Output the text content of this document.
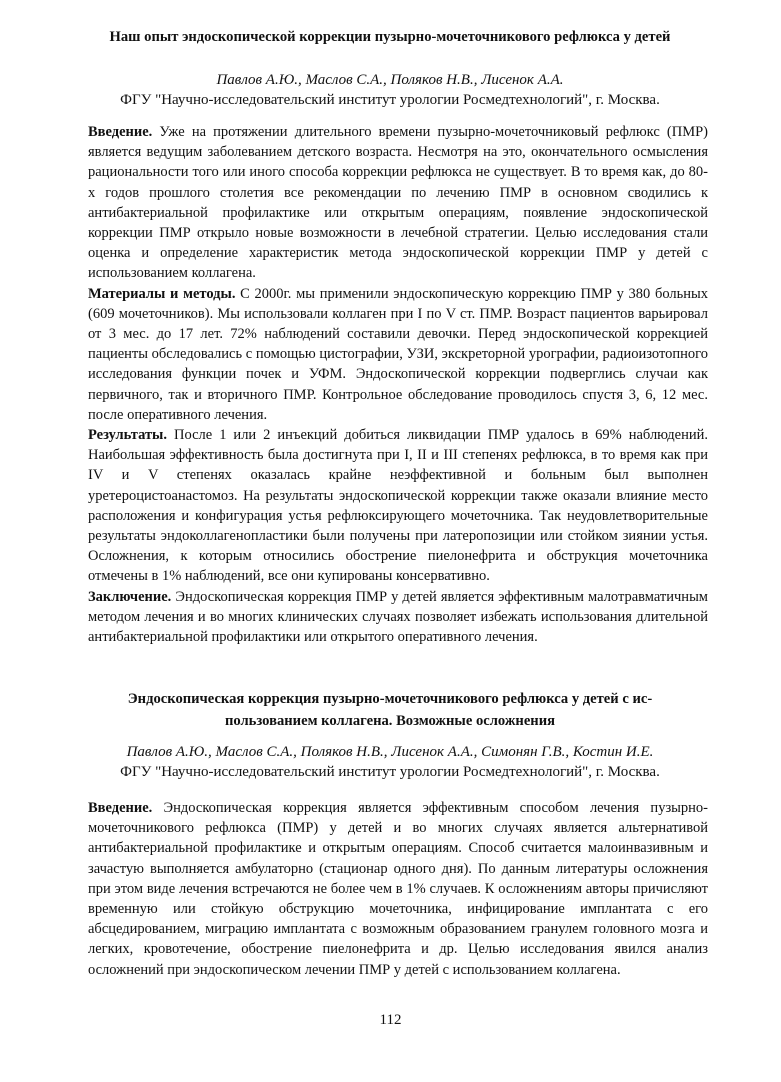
Наш опыт эндоскопической коррекции пузырно-мочеточникового рефлюкса у детей
Павлов А.Ю., Маслов С.А., Поляков Н.В., Лисенок А.А.
ФГУ "Научно-исследовательский институт урологии Росмедтехнологий", г. Москва.

Введение. Уже на протяжении длительного времени пузырно-мочеточниковый рефлюкс (ПМР) является ведущим заболеванием детского возраста. Несмотря на это, окончательного осмысления рациональности того или иного способа коррекции рефлюкса не существует. В то время как, до 80-х годов прошлого столетия все рекомендации по лечению ПМР в основном сводились к антибактериальной профилактике или открытым операциям, появление эндоскопической коррекции ПМР открыло новые возможности в лечебной стратегии. Целью исследования стали оценка и определение характеристик метода эндоскопической коррекции ПМР у детей с использованием коллагена.

Материалы и методы. С 2000г. мы применили эндоскопическую коррекцию ПМР у 380 больных (609 мочеточников). Мы использовали коллаген при I по V ст. ПМР. Возраст пациентов варьировал от 3 мес. до 17 лет. 72% наблюдений составили девочки. Перед эндоскопической коррекцией пациенты обследовались с помощью цистографии, УЗИ, экскреторной урографии, радиоизотопного исследования функции почек и УФМ. Эндоскопической коррекции подверглись случаи как первичного, так и вторичного ПМР. Контрольное обследование проводилось спустя 3, 6, 12 мес. после оперативного лечения.

Результаты. После 1 или 2 инъекций добиться ликвидации ПМР удалось в 69% наблюдений. Наибольшая эффективность была достигнута при I, II и III степенях рефлюкса, в то время как при IV и V степенях оказалась крайне неэффективной и больным был выполнен уретероцистоанастомоз. На результаты эндоскопической коррекции также оказали влияние место расположения и конфигурация устья рефлюксирующего мочеточника. Так неудовлетворительные результаты эндоколлагенопластики были получены при латеропозиции или стойком зиянии устья. Осложнения, к которым относились обострение пиелонефрита и обструкция мочеточника отмечены в 1% наблюдений, все они купированы консервативно.

Заключение. Эндоскопическая коррекция ПМР у детей является эффективным малотравматичным методом лечения и во многих клинических случаях позволяет избежать использования длительной антибактериальной профилактики или открытого оперативного лечения.

Эндоскопическая коррекция пузырно-мочеточникового рефлюкса у детей с ис-
пользованием коллагена. Возможные осложнения
Павлов А.Ю., Маслов С.А., Поляков Н.В., Лисенок А.А., Симонян Г.В., Костин И.Е.
ФГУ "Научно-исследовательский институт урологии Росмедтехнологий", г. Москва.

Введение. Эндоскопическая коррекция является эффективным способом лечения пузырно-мочеточникового рефлюкса (ПМР) у детей и во многих случаях является альтернативой антибактериальной профилактике и открытым операциям. Способ считается малоинвазивным и зачастую выполняется амбулаторно (стационар одного дня). По данным литературы осложнения при этом виде лечения встречаются не более чем в 1% случаев. К осложнениям авторы причисляют временную или стойкую обструкцию мочеточника, инфицирование имплантата с его абсцедированием, миграцию имплантата с возможным образованием гранулем головного мозга и легких, кровотечение, обострение пиелонефрита и др. Целью исследования явился анализ осложнений при эндоскопическом лечении ПМР у детей с использованием коллагена.

112
